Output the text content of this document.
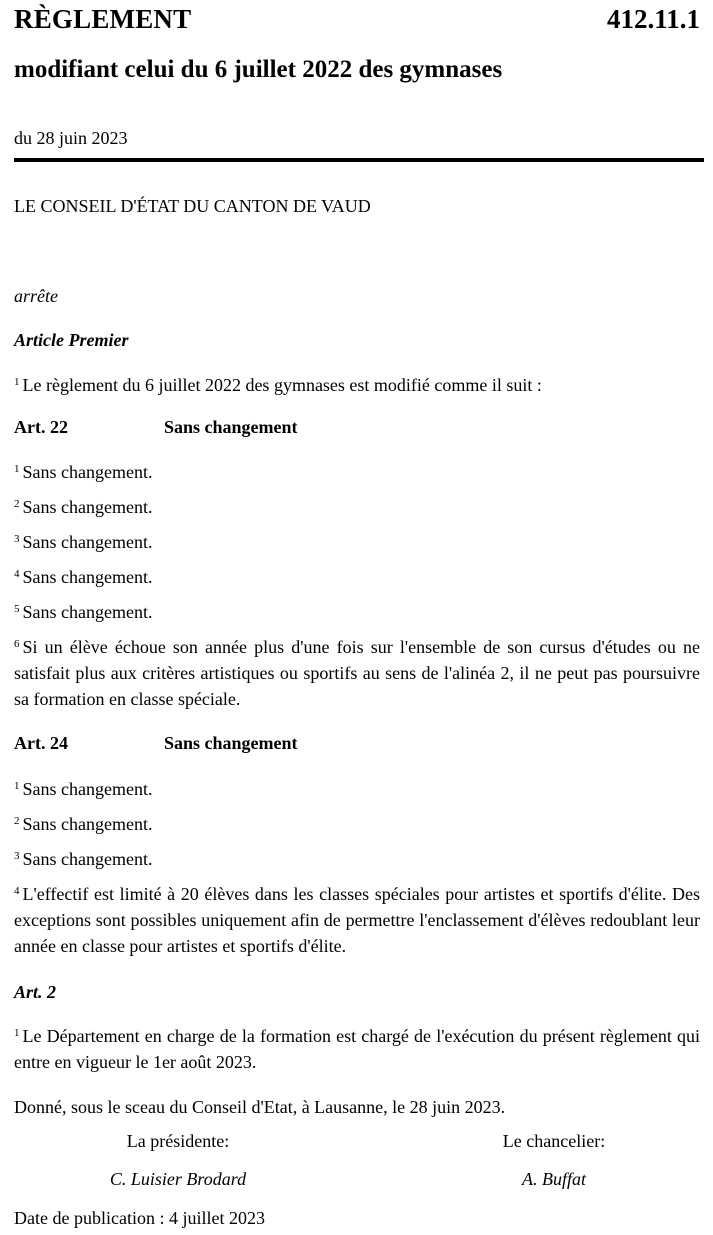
RÈGLEMENT	412.11.1
modifiant celui du 6 juillet 2022 des gymnases
du 28 juin 2023
LE CONSEIL D'ÉTAT DU CANTON DE VAUD
arrête
Article Premier
$^1$ Le règlement du 6 juillet 2022 des gymnases est modifié comme il suit :
Art. 22	Sans changement
$^1$ Sans changement.
$^2$ Sans changement.
$^3$ Sans changement.
$^4$ Sans changement.
$^5$ Sans changement.
$^6$ Si un élève échoue son année plus d'une fois sur l'ensemble de son cursus d'études ou ne satisfait plus aux critères artistiques ou sportifs au sens de l'alinéa 2, il ne peut pas poursuivre sa formation en classe spéciale.
Art. 24	Sans changement
$^1$ Sans changement.
$^2$ Sans changement.
$^3$ Sans changement.
$^4$ L'effectif est limité à 20 élèves dans les classes spéciales pour artistes et sportifs d'élite. Des exceptions sont possibles uniquement afin de permettre l'enclassement d'élèves redoublant leur année en classe pour artistes et sportifs d'élite.
Art. 2
$^1$ Le Département en charge de la formation est chargé de l'exécution du présent règlement qui entre en vigueur le 1er août 2023.
Donné, sous le sceau du Conseil d'Etat, à Lausanne, le 28 juin 2023.
La présidente:	Le chancelier:
C. Luisier Brodard	A. Buffat
Date de publication : 4 juillet 2023
